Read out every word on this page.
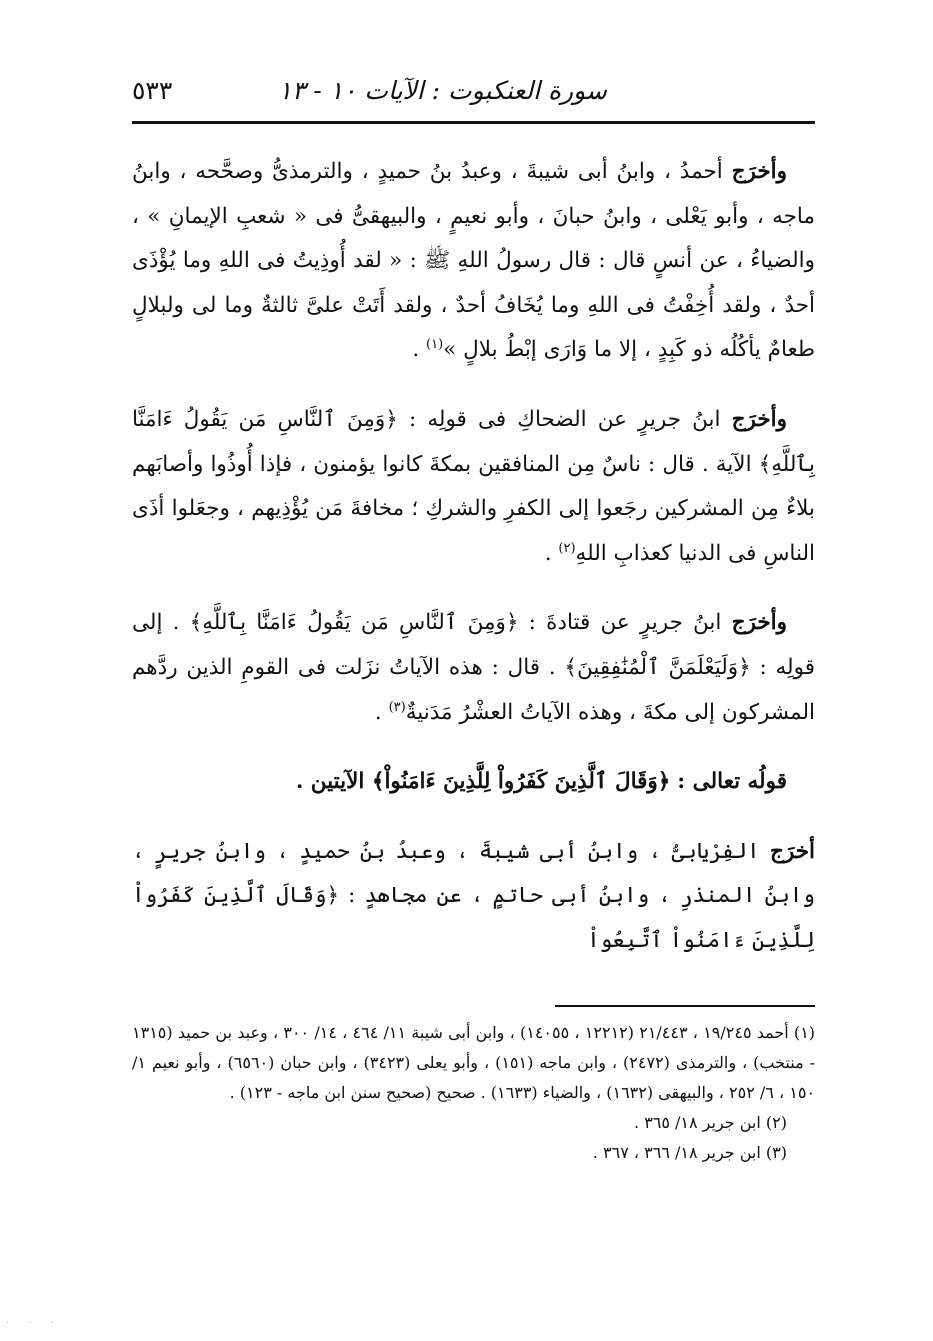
سورة العنكبوت : الآيات ١٠ - ١٣
٥٣٣

وأخرَج أحمدُ ، وابنُ أبى شيبةَ ، وعبدُ بنُ حميدٍ ، والترمذىُّ وصحَّحه ، وابنُ ماجه ، وأبو يَعْلى ، وابنُ حبانَ ، وأبو نعيمٍ ، والبيهقىُّ فى « شعبِ الإيمانِ » ، والضياءُ ، عن أنسٍ قال : قال رسولُ اللهِ ﷺ : « لقد أُوذِيتُ فى اللهِ وما يُؤْذَى أحدٌ ، ولقد أُخِفْتُ فى اللهِ وما يُخَافُ أحدٌ ، ولقد أَتَتْ علىَّ ثالثةٌ وما لى ولبلالٍ طعامٌ يأكُلُه ذو كَبِدٍ ، إلا ما وَارَى إبْطُ بلالٍ »$^{(١)}$ .

وأخرَج ابنُ جريرٍ عن الضحاكِ فى قولِه : ﴿وَمِنَ ٱلنَّاسِ مَن يَقُولُ ءَامَنَّا بِٱللَّهِ﴾ الآية . قال : ناسٌ مِن المنافقين بمكةَ كانوا يؤمنون ، فإذا أُوذُوا وأصابَهم بلاءٌ مِن المشركين رجَعوا إلى الكفرِ والشركِ ؛ مخافةَ مَن يُؤْذِيهم ، وجعَلوا أذَى الناسِ فى الدنيا كعذابِ اللهِ$^{(٢)}$ .

وأخرَج ابنُ جريرٍ عن قتادةَ : ﴿وَمِنَ ٱلنَّاسِ مَن يَقُولُ ءَامَنَّا بِٱللَّهِ﴾ . إلى قولِه : ﴿وَلَيَعْلَمَنَّ ٱلْمُنَٰفِقِينَ﴾ . قال : هذه الآياتُ نزَلت فى القومِ الذين ردَّهم المشركون إلى مكةَ ، وهذه الآياتُ العشْرُ مَدَنيةٌ$^{(٣)}$ .

قولُه تعالى : ﴿وَقَالَ ٱلَّذِينَ كَفَرُواْ لِلَّذِينَ ءَامَنُواْ﴾ الآيتين .

أخرَج الفِرْيابىُّ ، وابنُ أبى شيبةَ ، وعبدُ بنُ حميدٍ ، وابنُ جريرٍ ، وابنُ المنذرِ ، وابنُ أبى حاتمٍ ، عن مجاهدٍ : ﴿وَقَالَ ٱلَّذِينَ كَفَرُواْ لِلَّذِينَ ءَامَنُواْ ٱتَّبِعُواْ

(١) أحمد ١٩/٢٤٥ ، ٢١/٤٤٣ (١٢٢١٢ ، ١٤٠٥٥) ، وابن أبى شيبة ١١/ ٤٦٤ ، ١٤/ ٣٠٠ ، وعبد بن حميد (١٣١٥ - منتخب) ، والترمذى (٢٤٧٢) ، وابن ماجه (١٥١) ، وأبو يعلى (٣٤٢٣) ، وابن حبان (٦٥٦٠) ، وأبو نعيم ١/ ١٥٠ ، ٦/ ٢٥٢ ، والبيهقى (١٦٣٢) ، والضياء (١٦٣٣) . صحيح (صحيح سنن ابن ماجه - ١٢٣) .

(٢) ابن جرير ١٨/ ٣٦٥ .

(٣) ابن جرير ١٨/ ٣٦٦ ، ٣٦٧ .

· · ·
